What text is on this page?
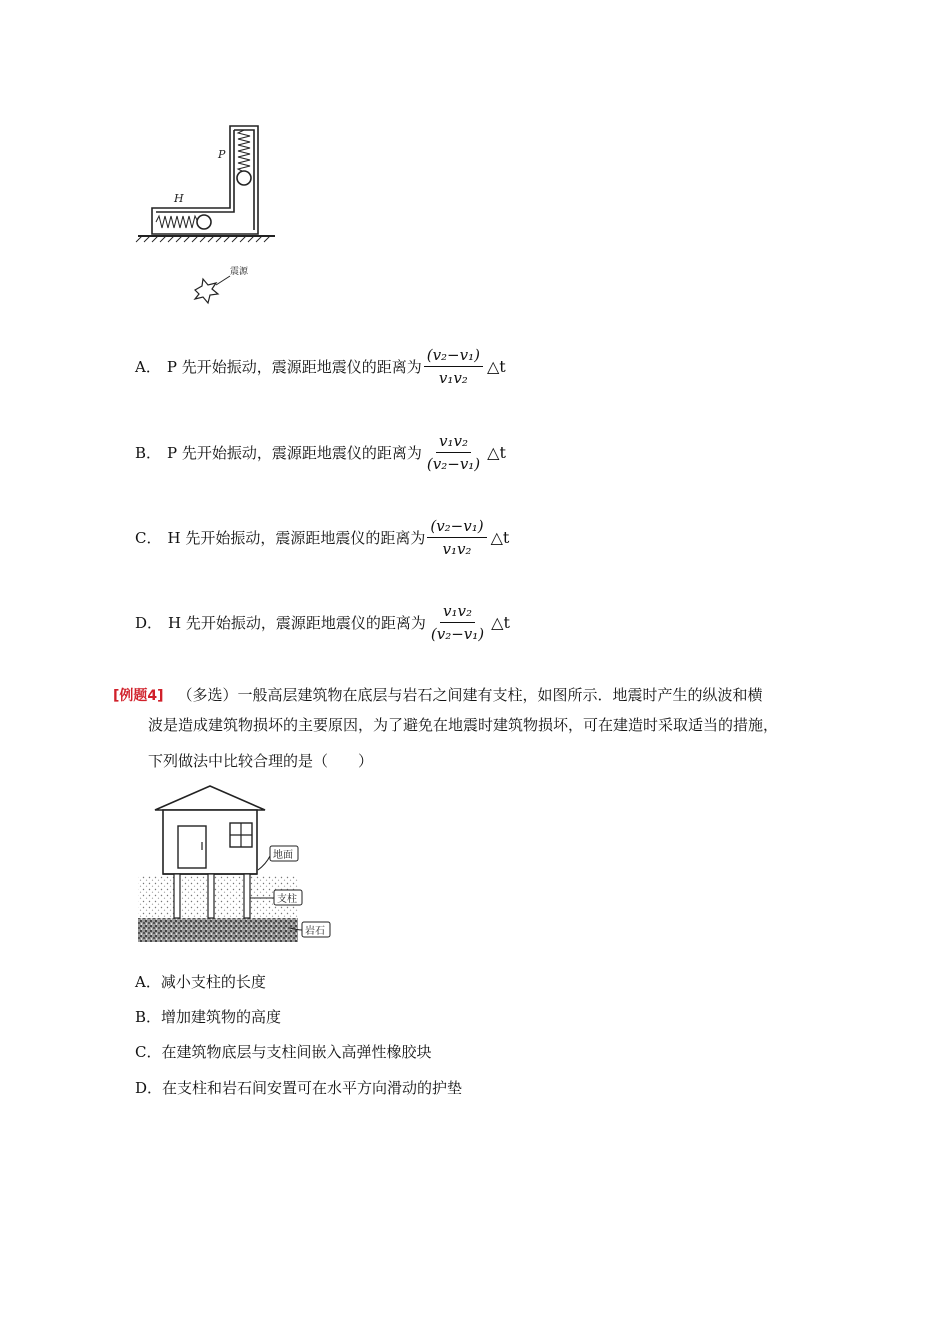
P
H
震源
A． P 先开始振动，震源距地震仪的距离为 $\frac{\text{(v₂−v₁)}}{\text{v₁v₂}}$ △t
B． P 先开始振动，震源距地震仪的距离为 $\frac{\text{v₁v₂}}{\text{(v₂−v₁)}}$ △t
C． H 先开始振动，震源距地震仪的距离为 $\frac{\text{(v₂−v₁)}}{\text{v₁v₂}}$ △t
D． H 先开始振动，震源距地震仪的距离为 $\frac{\text{v₁v₂}}{\text{(v₂−v₁)}}$ △t
[例题4] （多选）一般高层建筑物在底层与岩石之间建有支柱，如图所示．地震时产生的纵波和横
波是造成建筑物损坏的主要原因，为了避免在地震时建筑物损坏，可在建造时采取适当的措施，
下列做法中比较合理的是（　　）
地面
支柱
岩石
A．减小支柱的长度
B．增加建筑物的高度
C．在建筑物底层与支柱间嵌入高弹性橡胶块
D．在支柱和岩石间安置可在水平方向滑动的护垫
